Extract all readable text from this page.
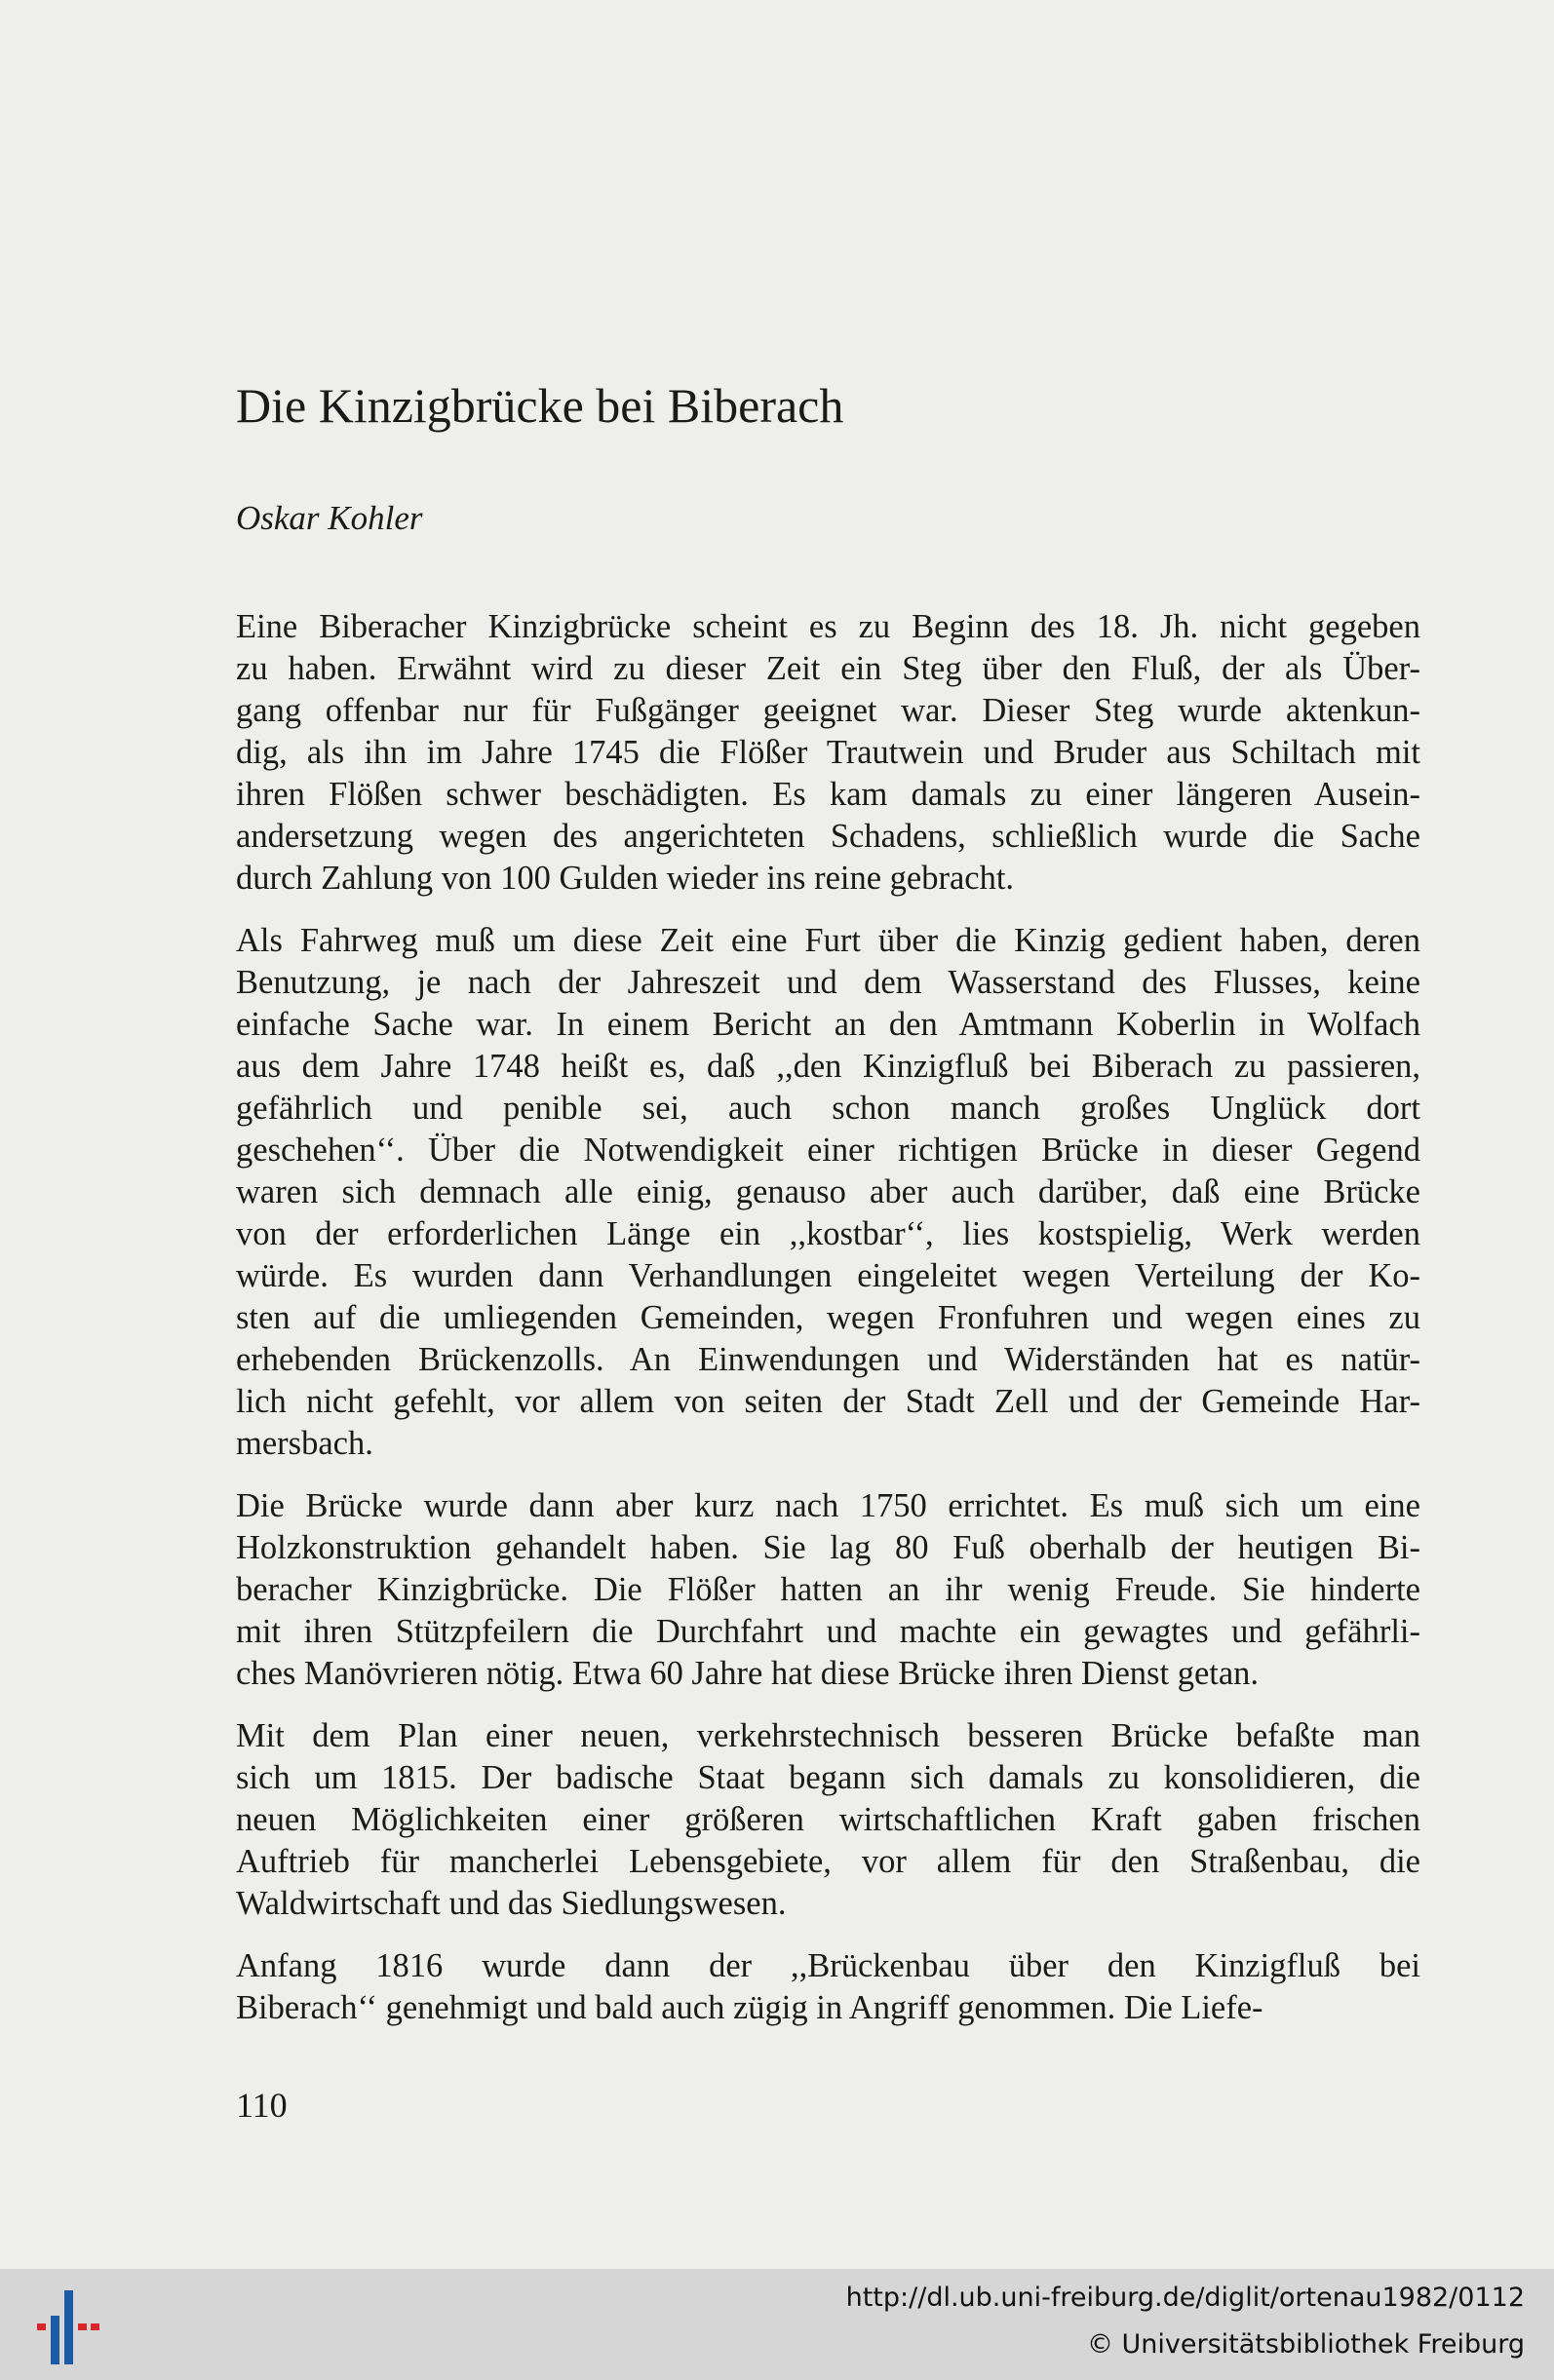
Die Kinzigbrücke bei Biberach

Oskar Kohler

Eine Biberacher Kinzigbrücke scheint es zu Beginn des 18. Jh. nicht gegeben
zu haben. Erwähnt wird zu dieser Zeit ein Steg über den Fluß, der als Über-
gang offenbar nur für Fußgänger geeignet war. Dieser Steg wurde aktenkun-
dig, als ihn im Jahre 1745 die Flößer Trautwein und Bruder aus Schiltach mit
ihren Flößen schwer beschädigten. Es kam damals zu einer längeren Ausein-
andersetzung wegen des angerichteten Schadens, schließlich wurde die Sache
durch Zahlung von 100 Gulden wieder ins reine gebracht.
Als Fahrweg muß um diese Zeit eine Furt über die Kinzig gedient haben, deren
Benutzung, je nach der Jahreszeit und dem Wasserstand des Flusses, keine
einfache Sache war. In einem Bericht an den Amtmann Koberlin in Wolfach
aus dem Jahre 1748 heißt es, daß ,,den Kinzigfluß bei Biberach zu passieren,
gefährlich und penible sei, auch schon manch großes Unglück dort
geschehen‘‘. Über die Notwendigkeit einer richtigen Brücke in dieser Gegend
waren sich demnach alle einig, genauso aber auch darüber, daß eine Brücke
von der erforderlichen Länge ein ,,kostbar‘‘, lies kostspielig, Werk werden
würde. Es wurden dann Verhandlungen eingeleitet wegen Verteilung der Ko-
sten auf die umliegenden Gemeinden, wegen Fronfuhren und wegen eines zu
erhebenden Brückenzolls. An Einwendungen und Widerständen hat es natür-
lich nicht gefehlt, vor allem von seiten der Stadt Zell und der Gemeinde Har-
mersbach.
Die Brücke wurde dann aber kurz nach 1750 errichtet. Es muß sich um eine
Holzkonstruktion gehandelt haben. Sie lag 80 Fuß oberhalb der heutigen Bi-
beracher Kinzigbrücke. Die Flößer hatten an ihr wenig Freude. Sie hinderte
mit ihren Stützpfeilern die Durchfahrt und machte ein gewagtes und gefährli-
ches Manövrieren nötig. Etwa 60 Jahre hat diese Brücke ihren Dienst getan.
Mit dem Plan einer neuen, verkehrstechnisch besseren Brücke befaßte man
sich um 1815. Der badische Staat begann sich damals zu konsolidieren, die
neuen Möglichkeiten einer größeren wirtschaftlichen Kraft gaben frischen
Auftrieb für mancherlei Lebensgebiete, vor allem für den Straßenbau, die
Waldwirtschaft und das Siedlungswesen.
Anfang 1816 wurde dann der ,,Brückenbau über den Kinzigfluß bei
Biberach‘‘ genehmigt und bald auch zügig in Angriff genommen. Die Liefe-

110

http://dl.ub.uni-freiburg.de/diglit/ortenau1982/0112
© Universitätsbibliothek Freiburg
